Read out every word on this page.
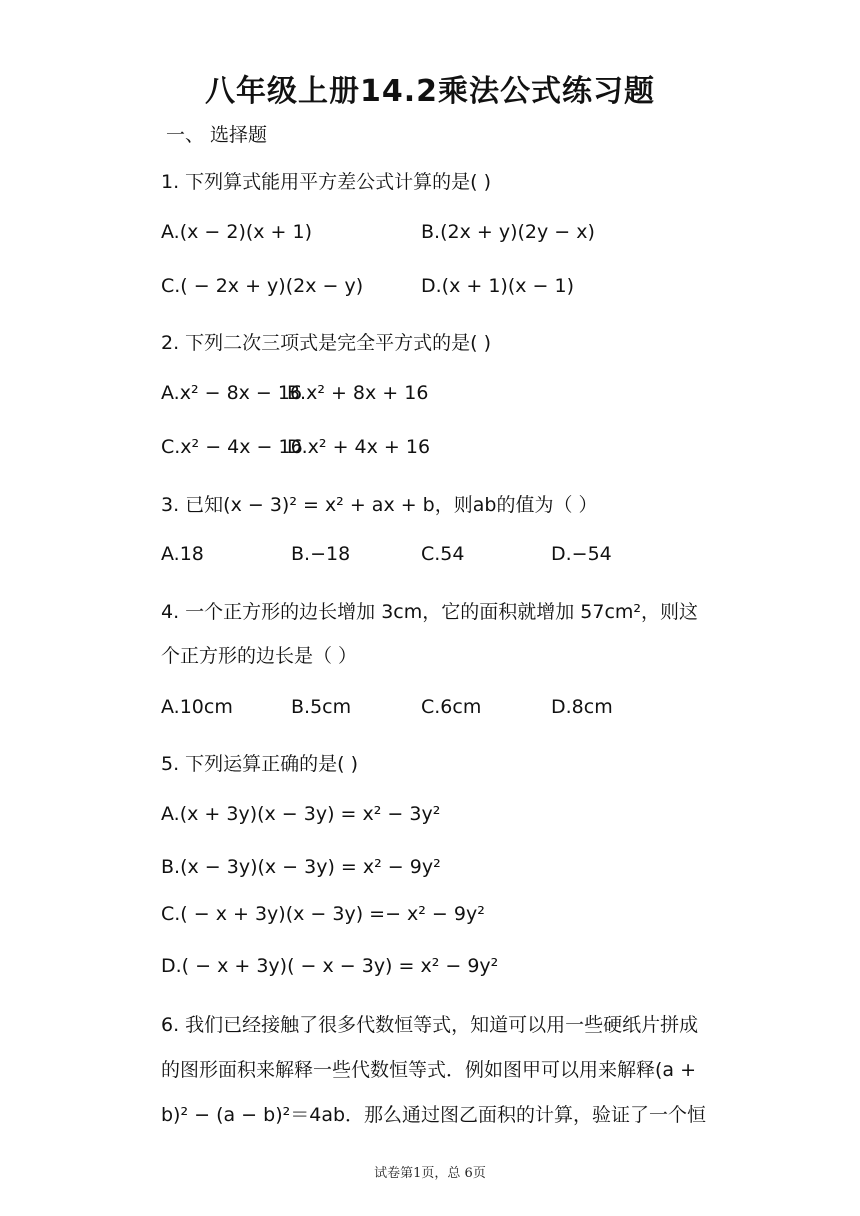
八年级上册14.2乘法公式练习题
一、 选择题
1. 下列算式能用平方差公式计算的是( )
A.(x − 2)(x + 1)	B.(2x + y)(2y − x)
C.( − 2x + y)(2x − y)	D.(x + 1)(x − 1)
2. 下列二次三项式是完全平方式的是( )
A.x² − 8x − 16
B.x² + 8x + 16
C.x² − 4x − 16
D.x² + 4x + 16
3. 已知(x − 3)² = x² + ax + b，则ab的值为（ ）
A.18	B.−18	C.54	D.−54
4. 一个正方形的边长增加 3cm，它的面积就增加 57cm²，则这
个正方形的边长是（ ）
A.10cm	B.5cm	C.6cm	D.8cm
5. 下列运算正确的是( )
A.(x + 3y)(x − 3y) = x² − 3y²
B.(x − 3y)(x − 3y) = x² − 9y²
C.( − x + 3y)(x − 3y) =− x² − 9y²
D.( − x + 3y)( − x − 3y) = x² − 9y²
6. 我们已经接触了很多代数恒等式，知道可以用一些硬纸片拼成
的图形面积来解释一些代数恒等式．例如图甲可以用来解释(a +
b)² − (a − b)²＝4ab．那么通过图乙面积的计算，验证了一个恒
试卷第1页，总 6页
